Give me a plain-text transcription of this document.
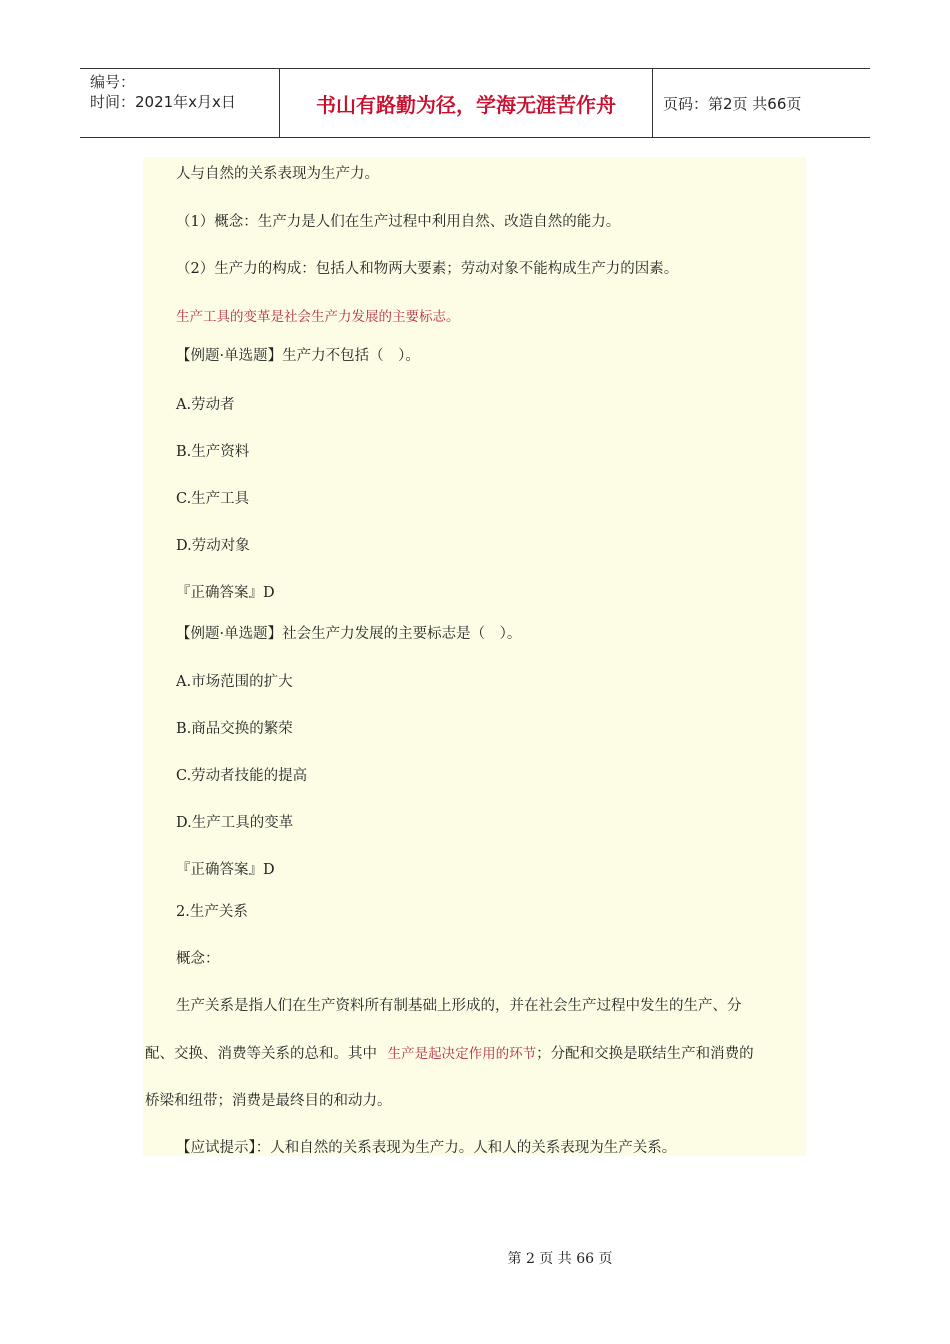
编号：
时间：2021年x月x日	书山有路勤为径，学海无涯苦作舟	页码：第2页 共66页
人与自然的关系表现为生产力。
（1）概念：生产力是人们在生产过程中利用自然、改造自然的能力。
（2）生产力的构成：包括人和物两大要素；劳动对象不能构成生产力的因素。
生产工具的变革是社会生产力发展的主要标志。
【例题·单选题】生产力不包括（　）。
A.劳动者
B.生产资料
C.生产工具
D.劳动对象
『正确答案』D
【例题·单选题】社会生产力发展的主要标志是（　）。
A.市场范围的扩大
B.商品交换的繁荣
C.劳动者技能的提高
D.生产工具的变革
『正确答案』D
2.生产关系
概念：
生产关系是指人们在生产资料所有制基础上形成的，并在社会生产过程中发生的生产、分
配、交换、消费等关系的总和。其中 生产是起决定作用的环节；分配和交换是联结生产和消费的
桥梁和纽带；消费是最终目的和动力。
【应试提示】：人和自然的关系表现为生产力。人和人的关系表现为生产关系。
第 2 页 共 66 页
